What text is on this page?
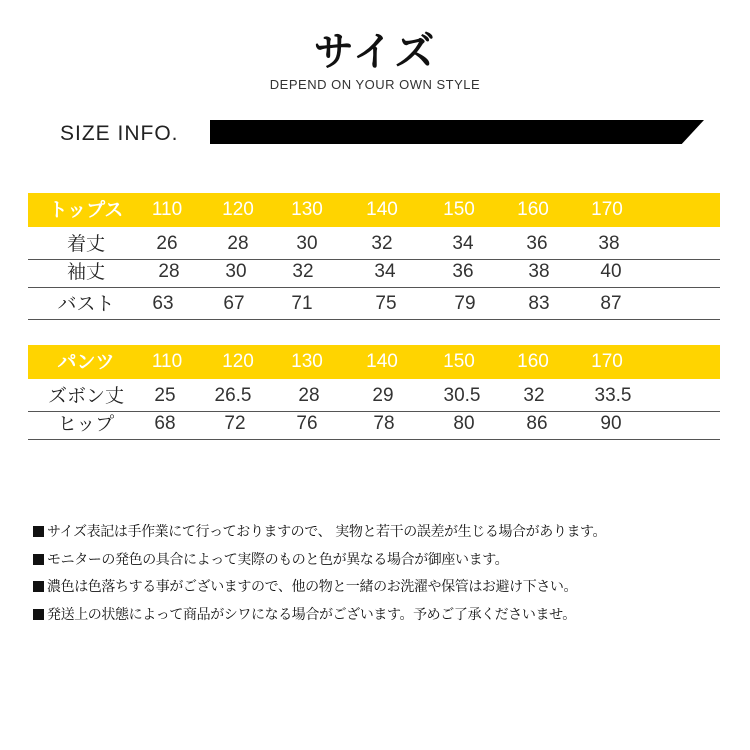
サイズ
DEPEND ON YOUR OWN STYLE
SIZE INFO.
トップス 110 120 130 140 150 160 170
着丈	26	28	30	32	34	36	38
袖丈	28 30 32	34	36	38	40
バスト 63	67 71	75	79	83	87
パンツ 110 120 130 140 150 160 170
ズボン丈 25 26.5 28	29	30.5 32	33.5
ヒップ 68	72	76	78	80	86	90
サイズ表記は手作業にて行っておりますので、 実物と若干の誤差が生じる場合があります。
モニターの発色の具合によって実際のものと色が異なる場合が御座います。
濃色は色落ちする事がございますので、他の物と一緒のお洗濯や保管はお避け下さい。
発送上の状態によって商品がシワになる場合がございます。予めご了承くださいませ。
